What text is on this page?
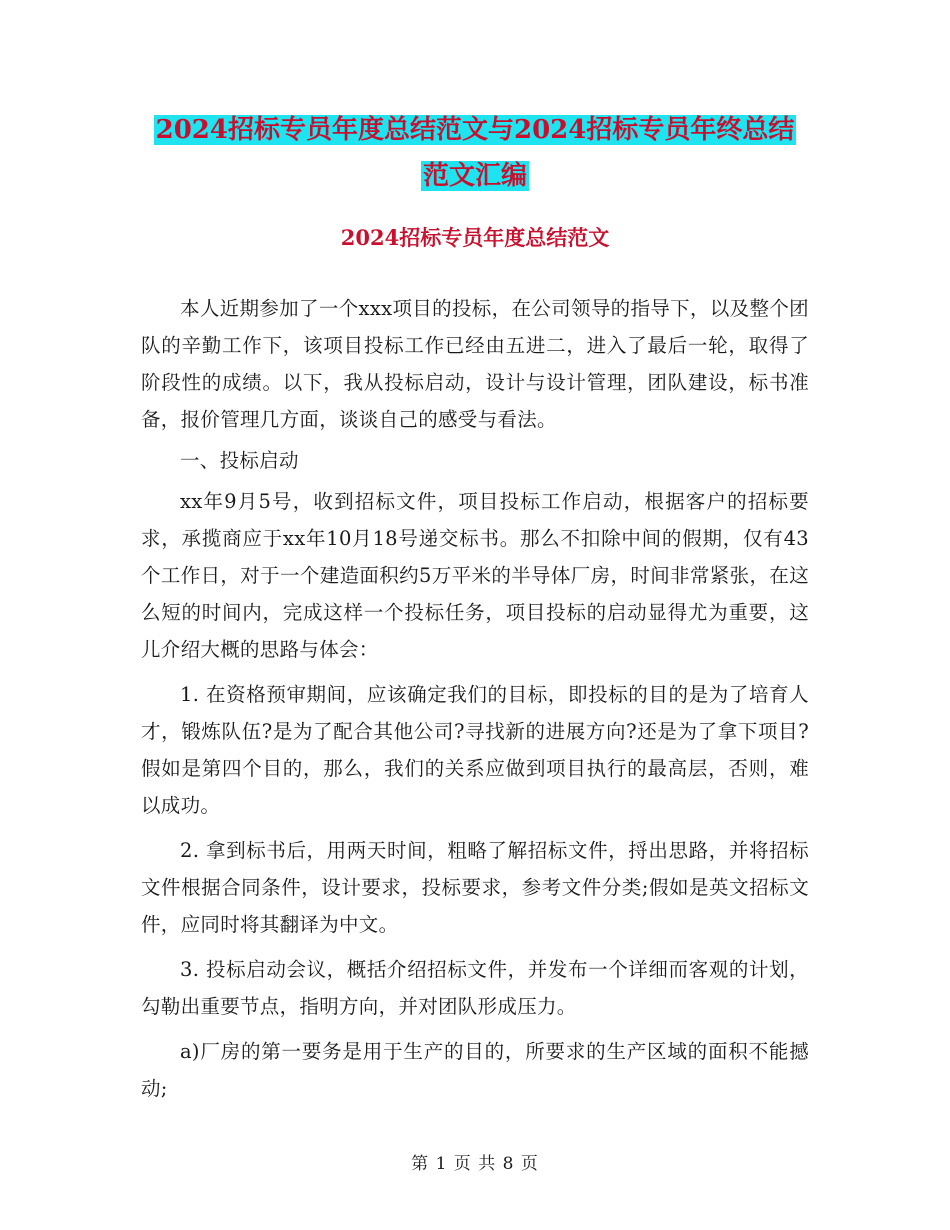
2024招标专员年度总结范文与2024招标专员年终总结
范文汇编
2024招标专员年度总结范文

本人近期参加了一个xxx项目的投标，在公司领导的指导下，以及整个团队的辛勤工作下，该项目投标工作已经由五进二，进入了最后一轮，取得了阶段性的成绩。以下，我从投标启动，设计与设计管理，团队建设，标书准备，报价管理几方面，谈谈自己的感受与看法。

一、投标启动

xx年9月5号，收到招标文件，项目投标工作启动，根据客户的招标要求，承揽商应于xx年10月18号递交标书。那么不扣除中间的假期，仅有43个工作日，对于一个建造面积约5万平米的半导体厂房，时间非常紧张，在这么短的时间内，完成这样一个投标任务，项目投标的启动显得尤为重要，这儿介绍大概的思路与体会：

1. 在资格预审期间，应该确定我们的目标，即投标的目的是为了培育人才，锻炼队伍?是为了配合其他公司?寻找新的进展方向?还是为了拿下项目?假如是第四个目的，那么，我们的关系应做到项目执行的最高层，否则，难以成功。

2. 拿到标书后，用两天时间，粗略了解招标文件，捋出思路，并将招标文件根据合同条件，设计要求，投标要求，参考文件分类;假如是英文招标文件，应同时将其翻译为中文。

3. 投标启动会议，概括介绍招标文件，并发布一个详细而客观的计划，勾勒出重要节点，指明方向，并对团队形成压力。

a)厂房的第一要务是用于生产的目的，所要求的生产区域的面积不能撼动;

第 1 页 共 8 页
